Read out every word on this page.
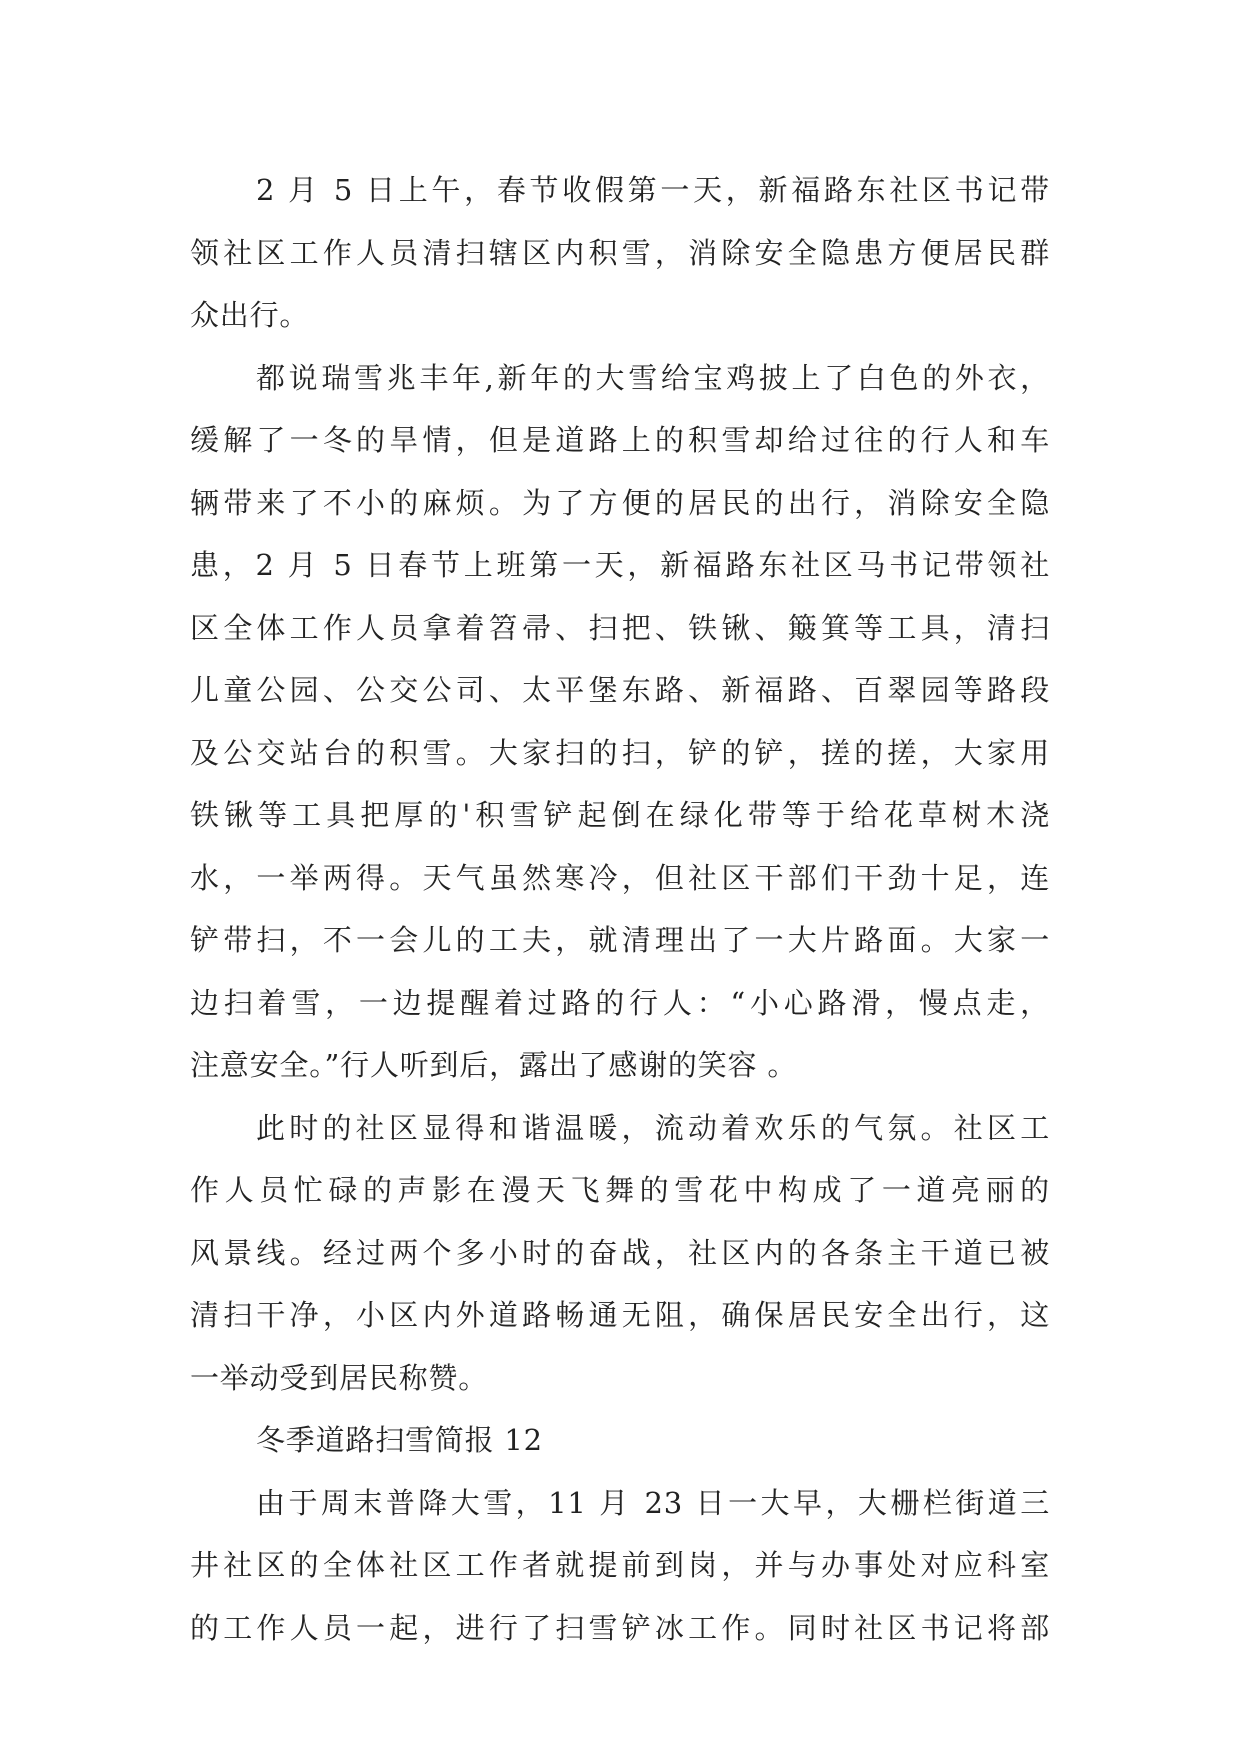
2 月 5 日上午，春节收假第一天，新福路东社区书记带
领社区工作人员清扫辖区内积雪，消除安全隐患方便居民群
众出行。
都说瑞雪兆丰年,新年的大雪给宝鸡披上了白色的外衣，
缓解了一冬的旱情，但是道路上的积雪却给过往的行人和车
辆带来了不小的麻烦。为了方便的居民的出行，消除安全隐
患，2 月 5 日春节上班第一天，新福路东社区马书记带领社
区全体工作人员拿着笤帚、扫把、铁锹、簸箕等工具，清扫
儿童公园、公交公司、太平堡东路、新福路、百翠园等路段
及公交站台的积雪。大家扫的扫，铲的铲，搓的搓，大家用
铁锹等工具把厚的'积雪铲起倒在绿化带等于给花草树木浇
水，一举两得。天气虽然寒冷，但社区干部们干劲十足，连
铲带扫，不一会儿的工夫，就清理出了一大片路面。大家一
边扫着雪，一边提醒着过路的行人：“小心路滑，慢点走，
注意安全。”行人听到后，露出了感谢的笑容 。
此时的社区显得和谐温暖，流动着欢乐的气氛。社区工
作人员忙碌的声影在漫天飞舞的雪花中构成了一道亮丽的
风景线。经过两个多小时的奋战，社区内的各条主干道已被
清扫干净，小区内外道路畅通无阻，确保居民安全出行，这
一举动受到居民称赞。
冬季道路扫雪简报 12
由于周末普降大雪，11 月 23 日一大早，大栅栏街道三
井社区的全体社区工作者就提前到岗，并与办事处对应科室
的工作人员一起，进行了扫雪铲冰工作。同时社区书记将部
